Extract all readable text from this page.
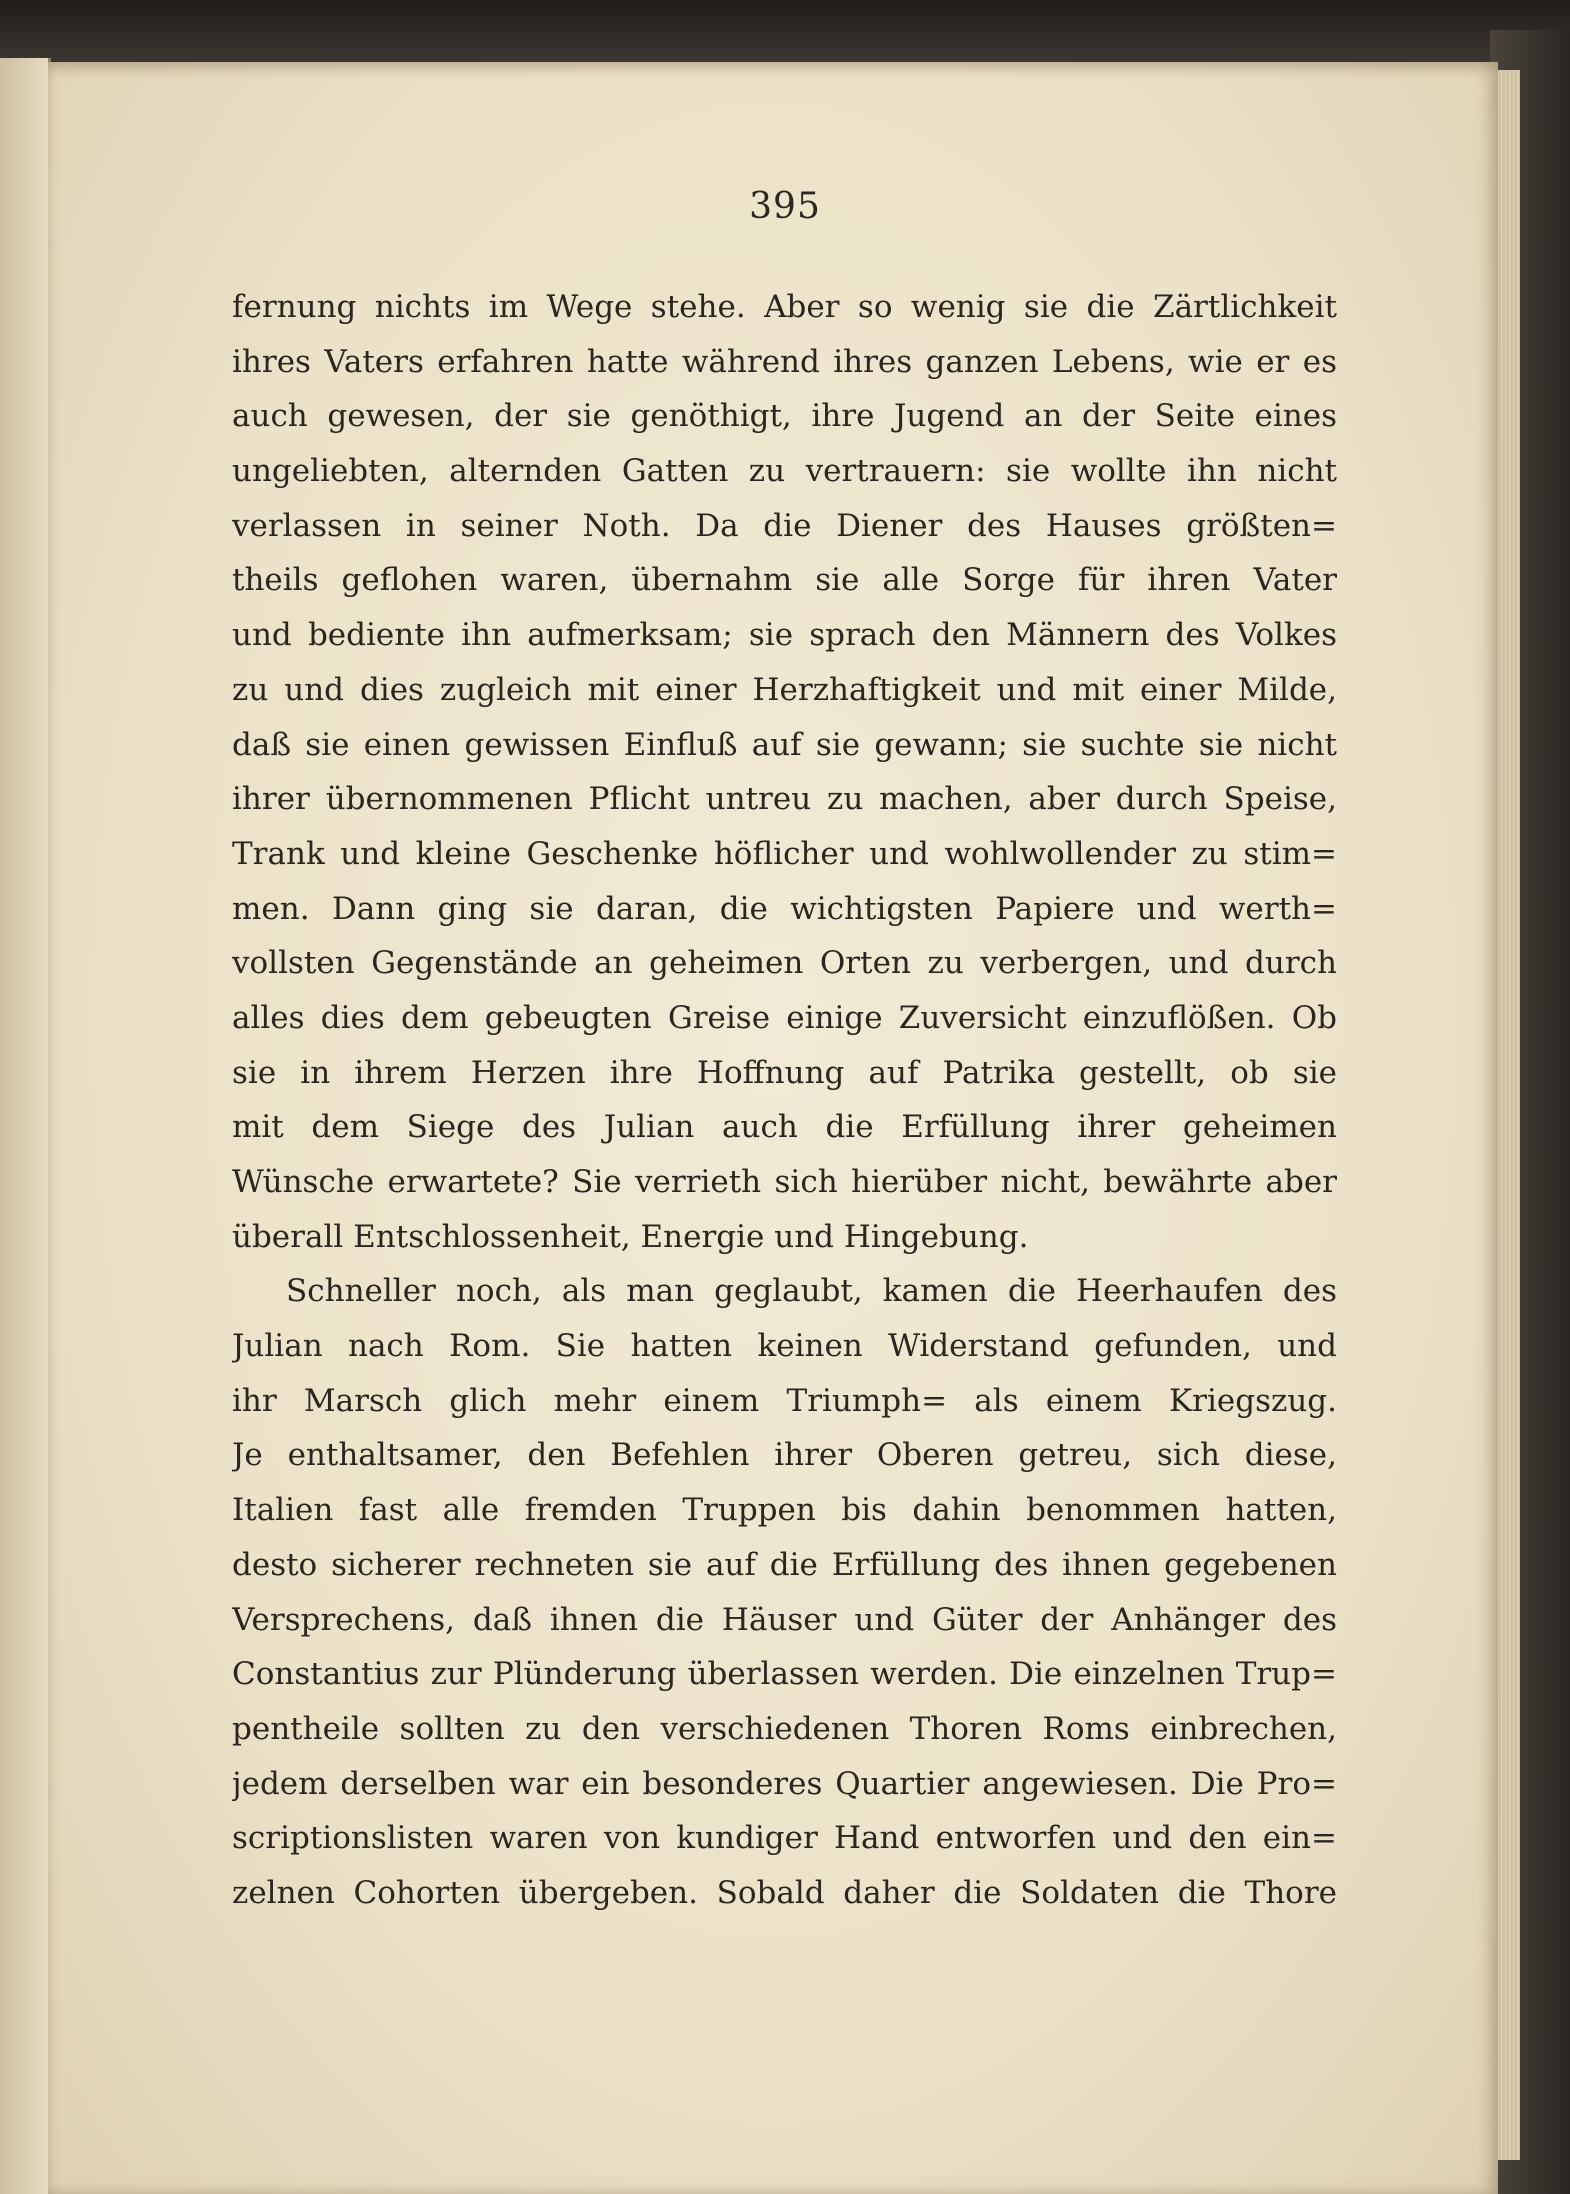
395
fernung nichts im Wege stehe. Aber so wenig sie die Zärtlichkeit
ihres Vaters erfahren hatte während ihres ganzen Lebens, wie er es
auch gewesen, der sie genöthigt, ihre Jugend an der Seite eines
ungeliebten, alternden Gatten zu vertrauern: sie wollte ihn nicht
verlassen in seiner Noth. Da die Diener des Hauses größten=
theils geflohen waren, übernahm sie alle Sorge für ihren Vater
und bediente ihn aufmerksam; sie sprach den Männern des Volkes
zu und dies zugleich mit einer Herzhaftigkeit und mit einer Milde,
daß sie einen gewissen Einfluß auf sie gewann; sie suchte sie nicht
ihrer übernommenen Pflicht untreu zu machen, aber durch Speise,
Trank und kleine Geschenke höflicher und wohlwollender zu stim=
men. Dann ging sie daran, die wichtigsten Papiere und werth=
vollsten Gegenstände an geheimen Orten zu verbergen, und durch
alles dies dem gebeugten Greise einige Zuversicht einzuflößen. Ob
sie in ihrem Herzen ihre Hoffnung auf Patrika gestellt, ob sie
mit dem Siege des Julian auch die Erfüllung ihrer geheimen
Wünsche erwartete? Sie verrieth sich hierüber nicht, bewährte aber
überall Entschlossenheit, Energie und Hingebung.
Schneller noch, als man geglaubt, kamen die Heerhaufen des
Julian nach Rom. Sie hatten keinen Widerstand gefunden, und
ihr Marsch glich mehr einem Triumph= als einem Kriegszug.
Je enthaltsamer, den Befehlen ihrer Oberen getreu, sich diese,
Italien fast alle fremden Truppen bis dahin benommen hatten,
desto sicherer rechneten sie auf die Erfüllung des ihnen gegebenen
Versprechens, daß ihnen die Häuser und Güter der Anhänger des
Constantius zur Plünderung überlassen werden. Die einzelnen Trup=
pentheile sollten zu den verschiedenen Thoren Roms einbrechen,
jedem derselben war ein besonderes Quartier angewiesen. Die Pro=
scriptionslisten waren von kundiger Hand entworfen und den ein=
zelnen Cohorten übergeben. Sobald daher die Soldaten die Thore
